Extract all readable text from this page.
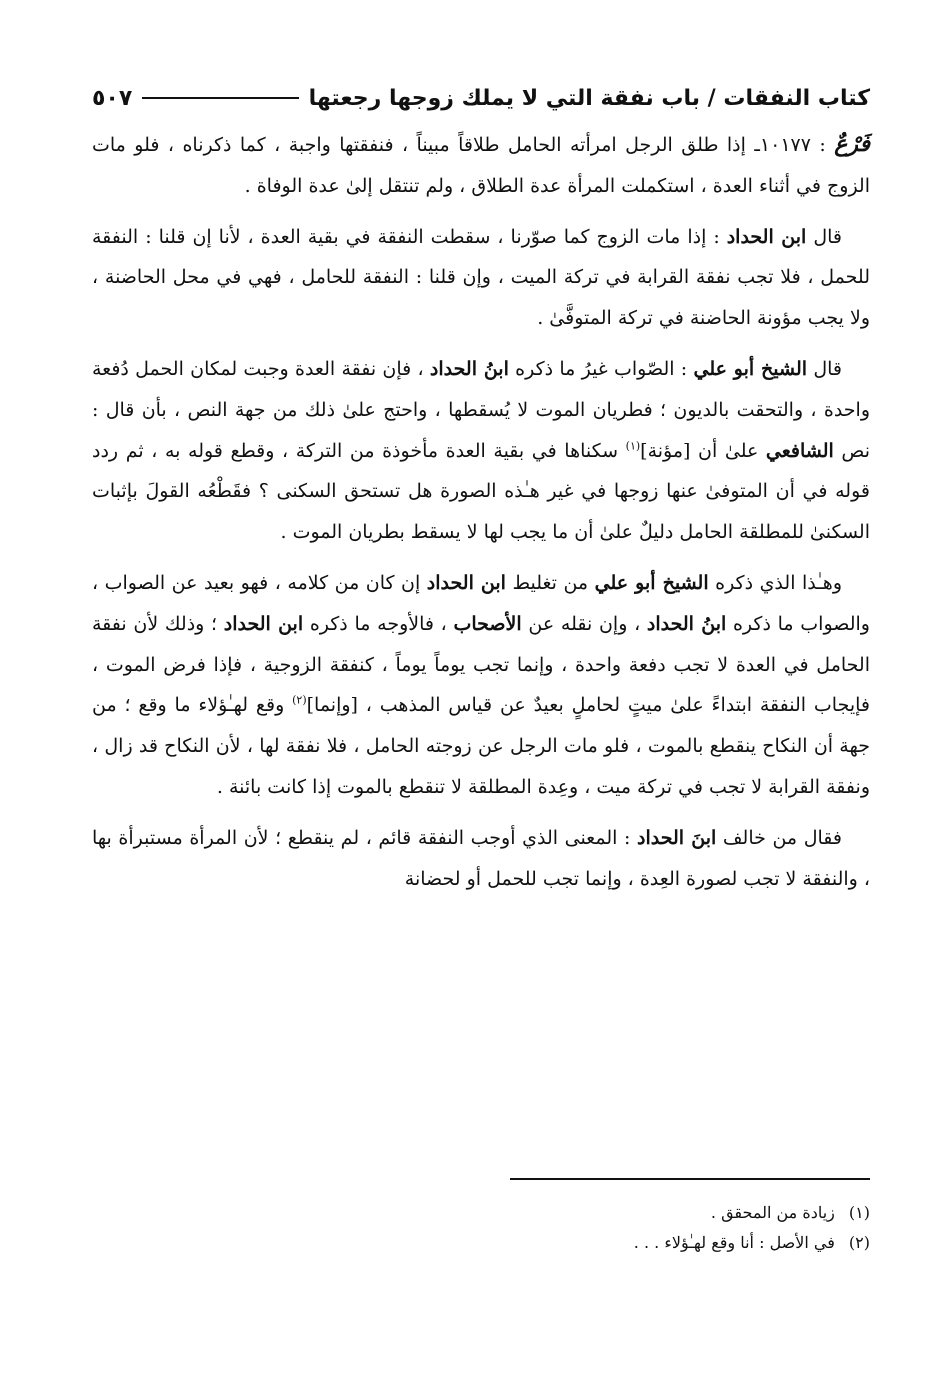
كتاب النفقات / باب نفقة التي لا يملك زوجها رجعتها
٥٠٧

فَرْعٌ : ١٠١٧٧ـ إذا طلق الرجل امرأته الحامل طلاقاً مبيناً ، فنفقتها واجبة ، كما ذكرناه ، فلو مات الزوج في أثناء العدة ، استكملت المرأة عدة الطلاق ، ولم تنتقل إلىٰ عدة الوفاة .

قال ابن الحداد : إذا مات الزوج كما صوّرنا ، سقطت النفقة في بقية العدة ، لأنا إن قلنا : النفقة للحمل ، فلا تجب نفقة القرابة في تركة الميت ، وإن قلنا : النفقة للحامل ، فهي في محل الحاضنة ، ولا يجب مؤونة الحاضنة في تركة المتوفَّىٰ .

قال الشيخ أبو علي : الصّواب غيرُ ما ذكره ابنُ الحداد ، فإن نفقة العدة وجبت لمكان الحمل دُفعة واحدة ، والتحقت بالديون ؛ فطريان الموت لا يُسقطها ، واحتج علىٰ ذلك من جهة النص ، بأن قال : نص الشافعي علىٰ أن [مؤنة]$^{(١)}$ سكناها في بقية العدة مأخوذة من التركة ، وقطع قوله به ، ثم ردد قوله في أن المتوفىٰ عنها زوجها في غير هـٰذه الصورة هل تستحق السكنى ؟ فقَطْعُه القولَ بإثبات السكنىٰ للمطلقة الحامل دليلٌ علىٰ أن ما يجب لها لا يسقط بطريان الموت .

وهـٰذا الذي ذكره الشيخ أبو علي من تغليط ابن الحداد إن كان من كلامه ، فهو بعيد عن الصواب ، والصواب ما ذكره ابنُ الحداد ، وإن نقله عن الأصحاب ، فالأوجه ما ذكره ابن الحداد ؛ وذلك لأن نفقة الحامل في العدة لا تجب دفعة واحدة ، وإنما تجب يوماً يوماً ، كنفقة الزوجية ، فإذا فرض الموت ، فإيجاب النفقة ابتداءً علىٰ ميتٍ لحاملٍ بعيدٌ عن قياس المذهب ، [وإنما]$^{(٢)}$ وقع لهـٰؤلاء ما وقع ؛ من جهة أن النكاح ينقطع بالموت ، فلو مات الرجل عن زوجته الحامل ، فلا نفقة لها ، لأن النكاح قد زال ، ونفقة القرابة لا تجب في تركة ميت ، وعِدة المطلقة لا تنقطع بالموت إذا كانت بائنة .

فقال من خالف ابنَ الحداد : المعنى الذي أوجب النفقة قائم ، لم ينقطع ؛ لأن المرأة مستبرأة بها ، والنفقة لا تجب لصورة العِدة ، وإنما تجب للحمل أو لحضانة

(١)
زيادة من المحقق .
(٢)
في الأصل : أنا وقع لهـٰؤلاء . . .
